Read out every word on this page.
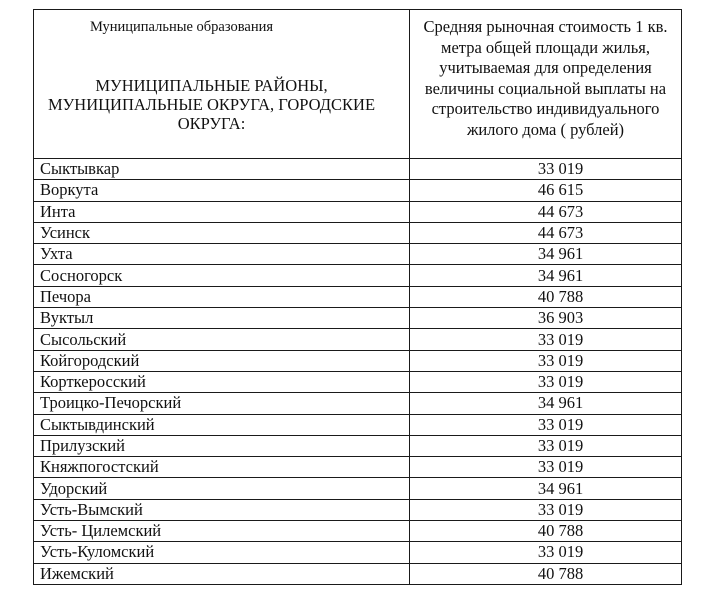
Муниципальные образования
МУНИЦИПАЛЬНЫЕ РАЙОНЫ, МУНИЦИПАЛЬНЫЕ ОКРУГА, ГОРОДСКИЕ ОКРУГА:	Средняя рыночная стоимость 1 кв. метра общей площади жилья, учитываемая для определения величины социальной выплаты на строительство индивидуального жилого дома ( рублей)

Сыктывкар	33 019
Воркута	46 615
Инта	44 673
Усинск	44 673
Ухта	34 961
Сосногорск	34 961
Печора	40 788
Вуктыл	36 903
Сысольский	33 019
Койгородский	33 019
Корткеросский	33 019
Троицко-Печорский	34 961
Сыктывдинский	33 019
Прилузский	33 019
Княжпогостский	33 019
Удорский	34 961
Усть-Вымский	33 019
Усть- Цилемский	40 788
Усть-Куломский	33 019
Ижемский	40 788
